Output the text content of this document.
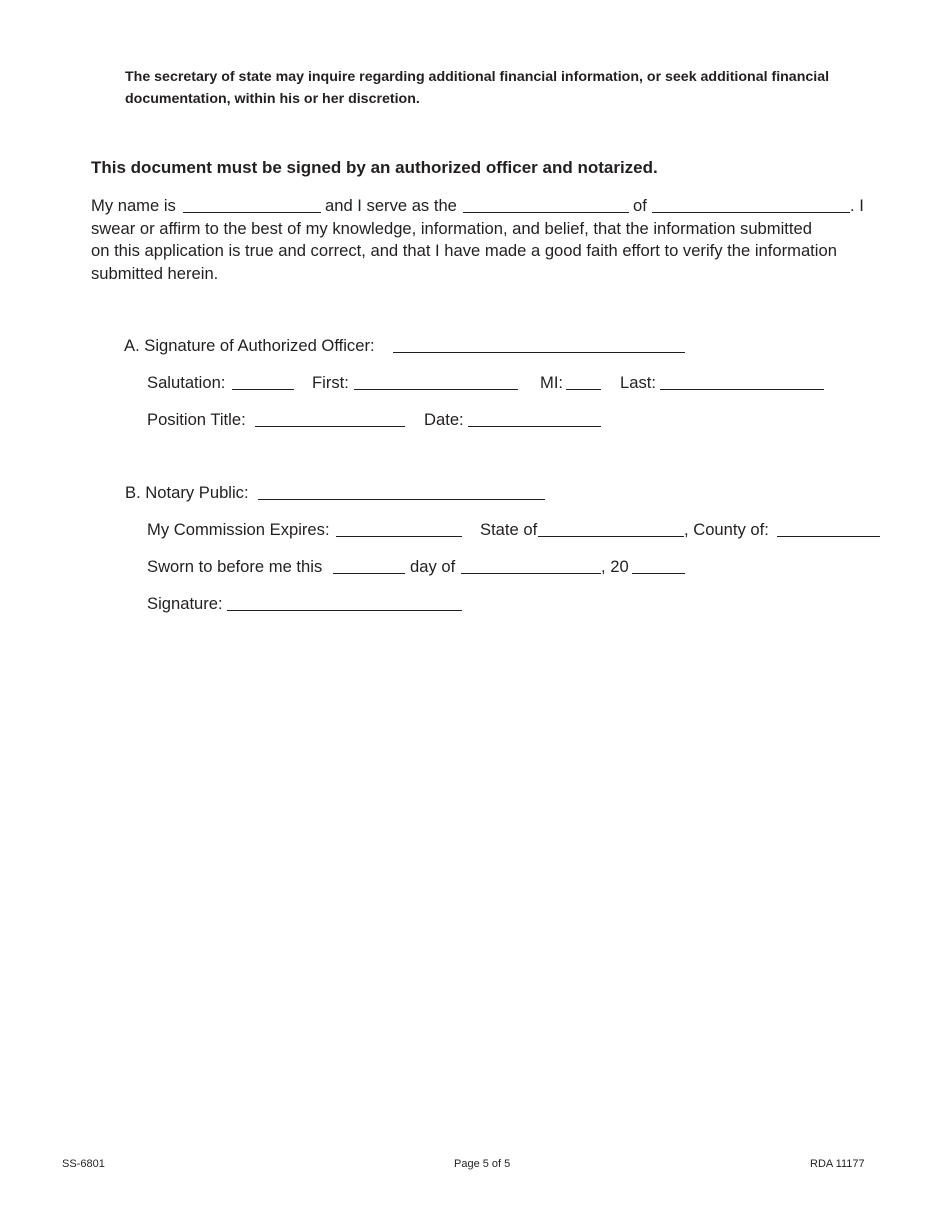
The secretary of state may inquire regarding additional financial information, or seek additional financial documentation, within his or her discretion.
This document must be signed by an authorized officer and notarized.
My name is	and I serve as the	of	. I
swear or affirm to the best of my knowledge, information, and belief, that the information submitted
on this application is true and correct, and that I have made a good faith effort to verify the information
submitted herein.
A. Signature of Authorized Officer:
Salutation:	First:	MI:	Last:
Position Title:	Date:
B. Notary Public:
My Commission Expires:	State of	, County of:
Sworn to before me this	day of	, 20
Signature:
SS-6801	Page 5 of 5	RDA 11177
